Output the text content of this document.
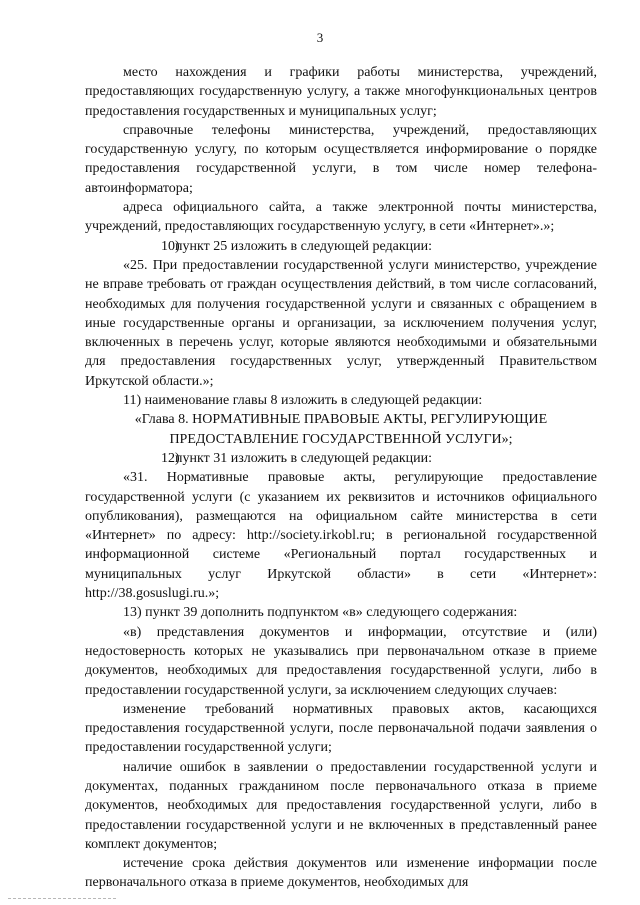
3

место нахождения и графики работы министерства, учреждений, предоставляющих государственную услугу, а также многофункциональных центров предоставления государственных и муниципальных услуг;

справочные телефоны министерства, учреждений, предоставляющих государственную услугу, по которым осуществляется информирование о порядке предоставления государственной услуги, в том числе номер телефона-автоинформатора;

адреса официального сайта, а также электронной почты министерства, учреждений, предоставляющих государственную услугу, в сети «Интернет».»;

10)пункт 25 изложить в следующей редакции:

«25. При предоставлении государственной услуги министерство, учреждение не вправе требовать от граждан осуществления действий, в том числе согласований, необходимых для получения государственной услуги и связанных с обращением в иные государственные органы и организации, за исключением получения услуг, включенных в перечень услуг, которые являются необходимыми и обязательными для предоставления государственных услуг, утвержденный Правительством Иркутской области.»;

11) наименование главы 8 изложить в следующей редакции:

«Глава 8. НОРМАТИВНЫЕ ПРАВОВЫЕ АКТЫ, РЕГУЛИРУЮЩИЕ ПРЕДОСТАВЛЕНИЕ ГОСУДАРСТВЕННОЙ УСЛУГИ»;

12)пункт 31 изложить в следующей редакции:

«31. Нормативные правовые акты, регулирующие предоставление государственной услуги (с указанием их реквизитов и источников официального опубликования), размещаются на официальном сайте министерства в сети «Интернет» по адресу: http://society.irkobl.ru; в региональной государственной информационной системе «Региональный портал государственных и муниципальных услуг Иркутской области» в сети «Интернет»: http://38.gosuslugi.ru.»;

13) пункт 39 дополнить подпунктом «в» следующего содержания:

«в) представления документов и информации, отсутствие и (или) недостоверность которых не указывались при первоначальном отказе в приеме документов, необходимых для предоставления государственной услуги, либо в предоставлении государственной услуги, за исключением следующих случаев:

изменение требований нормативных правовых актов, касающихся предоставления государственной услуги, после первоначальной подачи заявления о предоставлении государственной услуги;

наличие ошибок в заявлении о предоставлении государственной услуги и документах, поданных гражданином после первоначального отказа в приеме документов, необходимых для предоставления государственной услуги, либо в предоставлении государственной услуги и не включенных в представленный ранее комплект документов;

истечение срока действия документов или изменение информации после первоначального отказа в приеме документов, необходимых для
